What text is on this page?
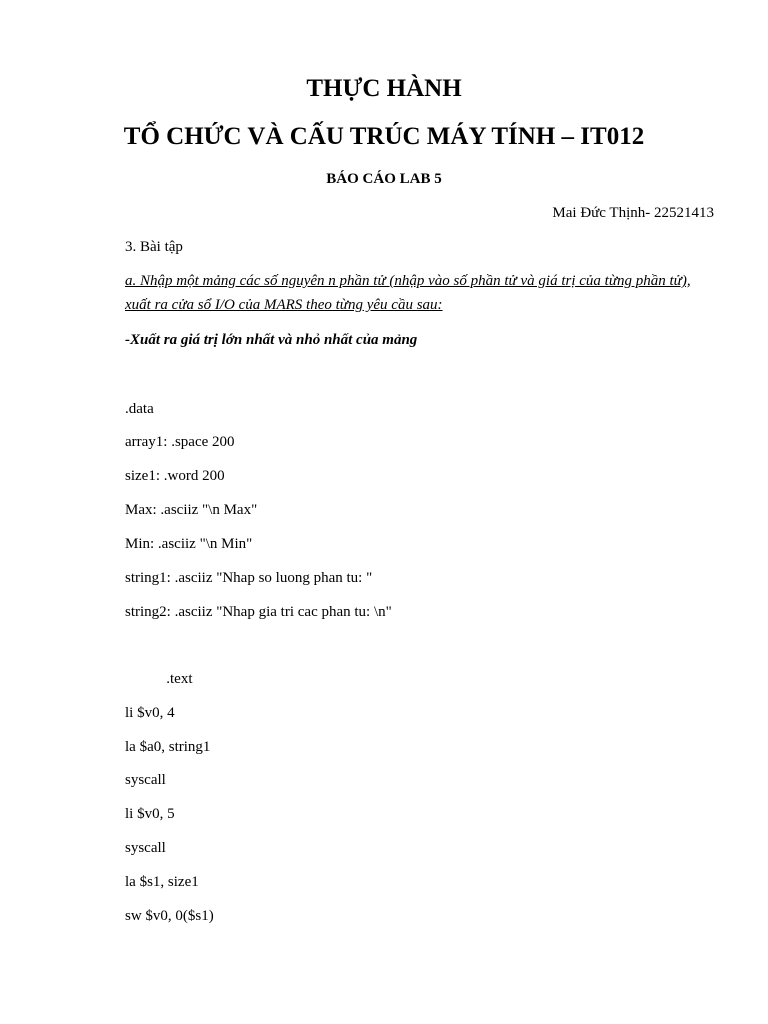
THỰC HÀNH
TỔ CHỨC VÀ CẤU TRÚC MÁY TÍNH – IT012
BÁO CÁO LAB 5
Mai Đức Thịnh- 22521413
3. Bài tập
a. Nhập một mảng các số nguyên n phần tử (nhập vào số phần tử và giá trị của từng phần tử), xuất ra cửa sổ I/O của MARS theo từng yêu cầu sau:
-Xuất ra giá trị lớn nhất và nhỏ nhất của mảng
.data
array1: .space 200
size1: .word 200
Max: .asciiz "\n Max"
Min: .asciiz "\n Min"
string1: .asciiz "Nhap so luong phan tu: "
string2: .asciiz "Nhap gia tri cac phan tu: \n"
.text
li $v0, 4
la $a0, string1
syscall
li $v0, 5
syscall
la $s1, size1
sw $v0, 0($s1)
